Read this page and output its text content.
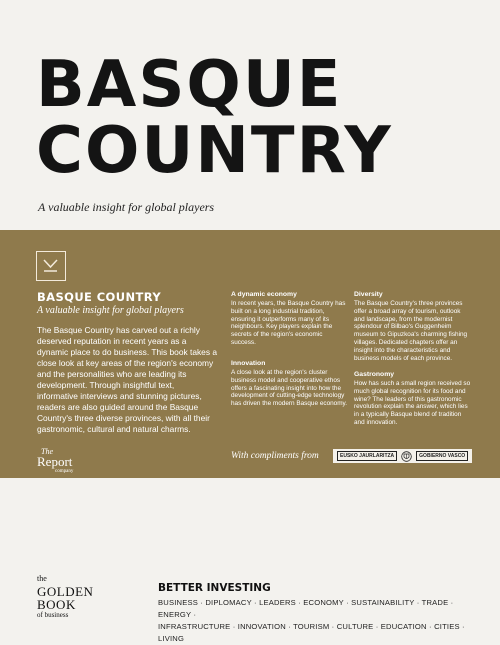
BASQUE
COUNTRY
A valuable insight for global players
BASQUE COUNTRY
A valuable insight for global players
The Basque Country has carved out a richly deserved reputation in recent years as a dynamic place to do business. This book takes a close look at key areas of the region's economy and the personalities who are leading its development. Through insightful text, informative interviews and stunning pictures, readers are also guided around the Basque Country's three diverse provinces, with all their gastronomic, cultural and natural charms.
A dynamic economy

In recent years, the Basque Country has built on a long industrial tradition, ensuring it outperforms many of its neighbours. Key players explain the secrets of the region's economic success.

Innovation

A close look at the region's cluster business model and cooperative ethos offers a fascinating insight into how the development of cutting-edge technology has driven the modern Basque economy.

Diversity

The Basque Country's three provinces offer a broad array of tourism, outlook and landscape, from the modernist splendour of Bilbao's Guggenheim museum to Gipuzkoa's charming fishing villages. Dedicated chapters offer an insight into the characteristics and business models of each province.

Gastronomy

How has such a small region received so much global recognition for its food and wine? The leaders of this gastronomic revolution explain the answer, which lies in a typically Basque blend of tradition and innovation.

The
Report
company
With compliments from	EUSKO JAURLARITZA	GOBIERNO VASCO
the
GOLDEN
BOOK
of business
BETTER INVESTING
BUSINESS · DIPLOMACY · LEADERS · ECONOMY · SUSTAINABILITY · TRADE · ENERGY ·
INFRASTRUCTURE · INNOVATION · TOURISM · CULTURE · EDUCATION · CITIES · LIVING
